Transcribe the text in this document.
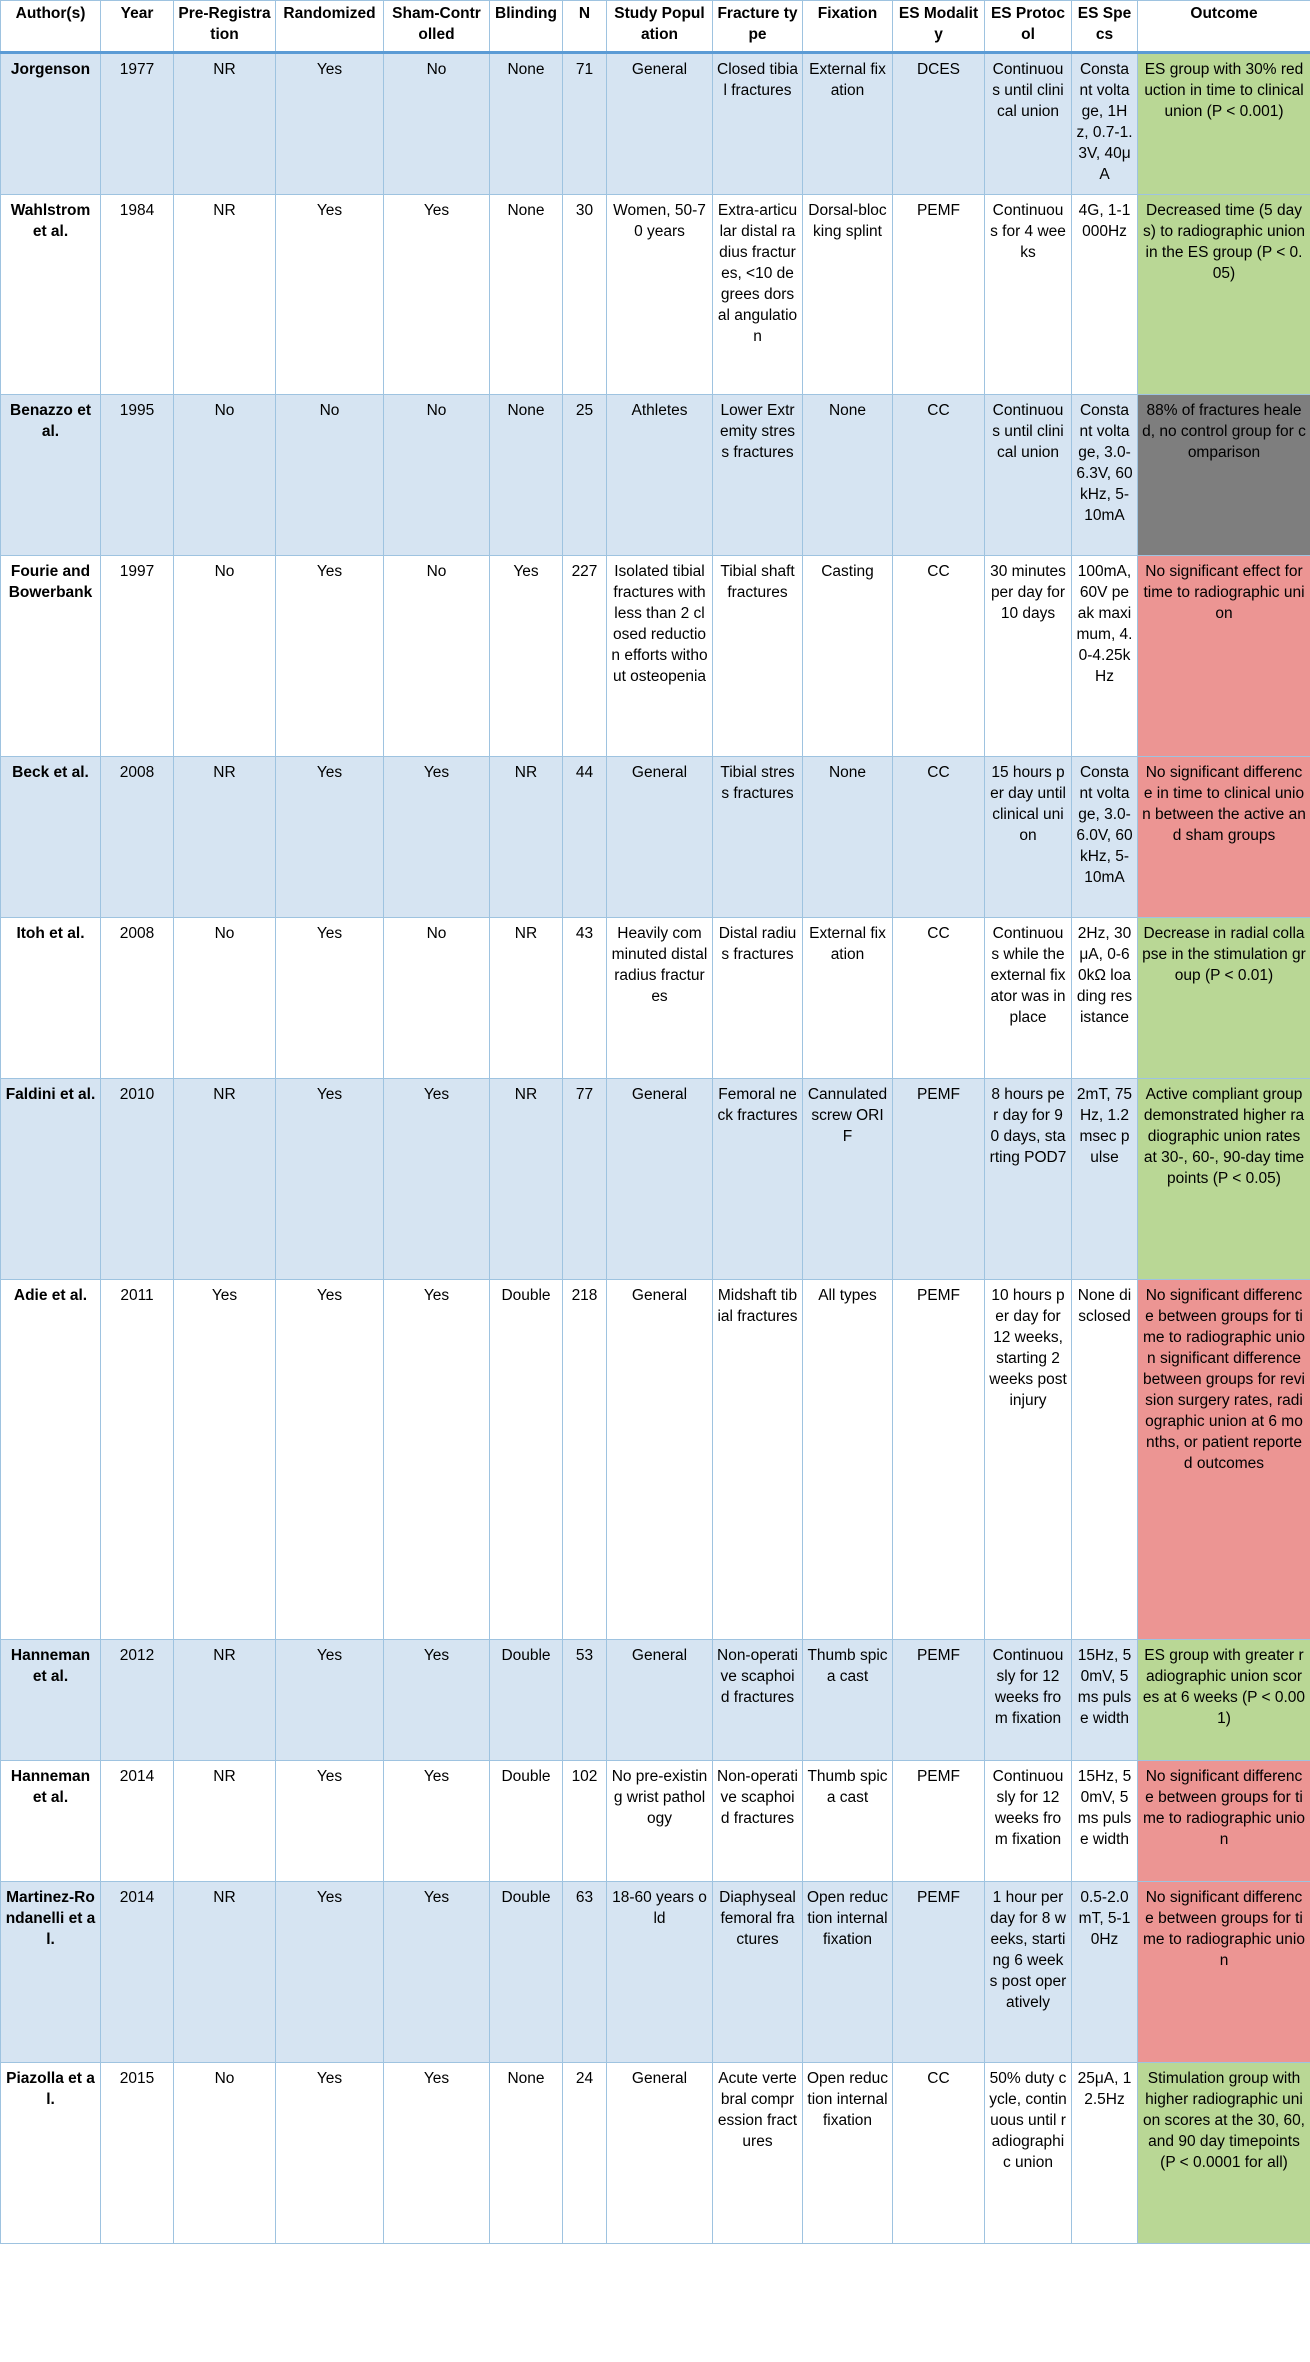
Author(s)	Year	Pre-Registration	Randomized	Sham-Controlled	Blinding	N	Study Population	Fracture type	Fixation	ES Modality	ES Protocol	ES Specs	Outcome
Jorgenson	1977	NR	Yes	No	None	71	General	Closed tibial fractures	External fixation	DCES	Continuous until clinical union	Constant voltage, 1Hz, 0.7-1.3V, 40μA	ES group with 30% reduction in time to clinical union (P < 0.001)
Wahlstrom et al.	1984	NR	Yes	Yes	None	30	Women, 50-70 years	Extra-articular distal radius fractures, <10 degrees dorsal angulation	Dorsal-blocking splint	PEMF	Continuous for 4 weeks	4G, 1-1000Hz	Decreased time (5 days) to radiographic union in the ES group (P < 0.05)
Benazzo et al.	1995	No	No	No	None	25	Athletes	Lower Extremity stress fractures	None	CC	Continuous until clinical union	Constant voltage, 3.0-6.3V, 60kHz, 5-10mA	88% of fractures healed, no control group for comparison
Fourie and Bowerbank	1997	No	Yes	No	Yes	227	Isolated tibial fractures with less than 2 closed reduction efforts without osteopenia	Tibial shaft fractures	Casting	CC	30 minutes per day for 10 days	100mA, 60V peak maximum, 4.0-4.25kHz	No significant effect for time to radiographic union
Beck et al.	2008	NR	Yes	Yes	NR	44	General	Tibial stress fractures	None	CC	15 hours per day until clinical union	Constant voltage, 3.0-6.0V, 60kHz, 5-10mA	No significant difference in time to clinical union between the active and sham groups
Itoh et al.	2008	No	Yes	No	NR	43	Heavily comminuted distal radius fractures	Distal radius fractures	External fixation	CC	Continuous while the external fixator was in place	2Hz, 30μA, 0-60kΩ loading resistance	Decrease in radial collapse in the stimulation group (P < 0.01)
Faldini et al.	2010	NR	Yes	Yes	NR	77	General	Femoral neck fractures	Cannulated screw ORIF	PEMF	8 hours per day for 90 days, starting POD7	2mT, 75Hz, 1.2msec pulse	Active compliant group demonstrated higher radiographic union rates at 30-, 60-, 90-day timepoints (P < 0.05)
Adie et al.	2011	Yes	Yes	Yes	Double	218	General	Midshaft tibial fractures	All types	PEMF	10 hours per day for 12 weeks, starting 2 weeks post injury	None disclosed	No significant difference between groups for time to radiographic union significant difference between groups for revision surgery rates, radiographic union at 6 months, or patient reported outcomes
Hanneman et al.	2012	NR	Yes	Yes	Double	53	General	Non-operative scaphoid fractures	Thumb spica cast	PEMF	Continuously for 12 weeks from fixation	15Hz, 50mV, 5ms pulse width	ES group with greater radiographic union scores at 6 weeks (P < 0.001)
Hanneman et al.	2014	NR	Yes	Yes	Double	102	No pre-existing wrist pathology	Non-operative scaphoid fractures	Thumb spica cast	PEMF	Continuously for 12 weeks from fixation	15Hz, 50mV, 5ms pulse width	No significant difference between groups for time to radiographic union
Martinez-Rondanelli et al.	2014	NR	Yes	Yes	Double	63	18-60 years old	Diaphyseal femoral fractures	Open reduction internal fixation	PEMF	1 hour per day for 8 weeks, starting 6 weeks post operatively	0.5-2.0mT, 5-10Hz	No significant difference between groups for time to radiographic union
Piazolla et al.	2015	No	Yes	Yes	None	24	General	Acute vertebral compression fractures	Open reduction internal fixation	CC	50% duty cycle, continuous until radiographic union	25μA, 12.5Hz	Stimulation group with higher radiographic union scores at the 30, 60, and 90 day timepoints (P < 0.0001 for all)
